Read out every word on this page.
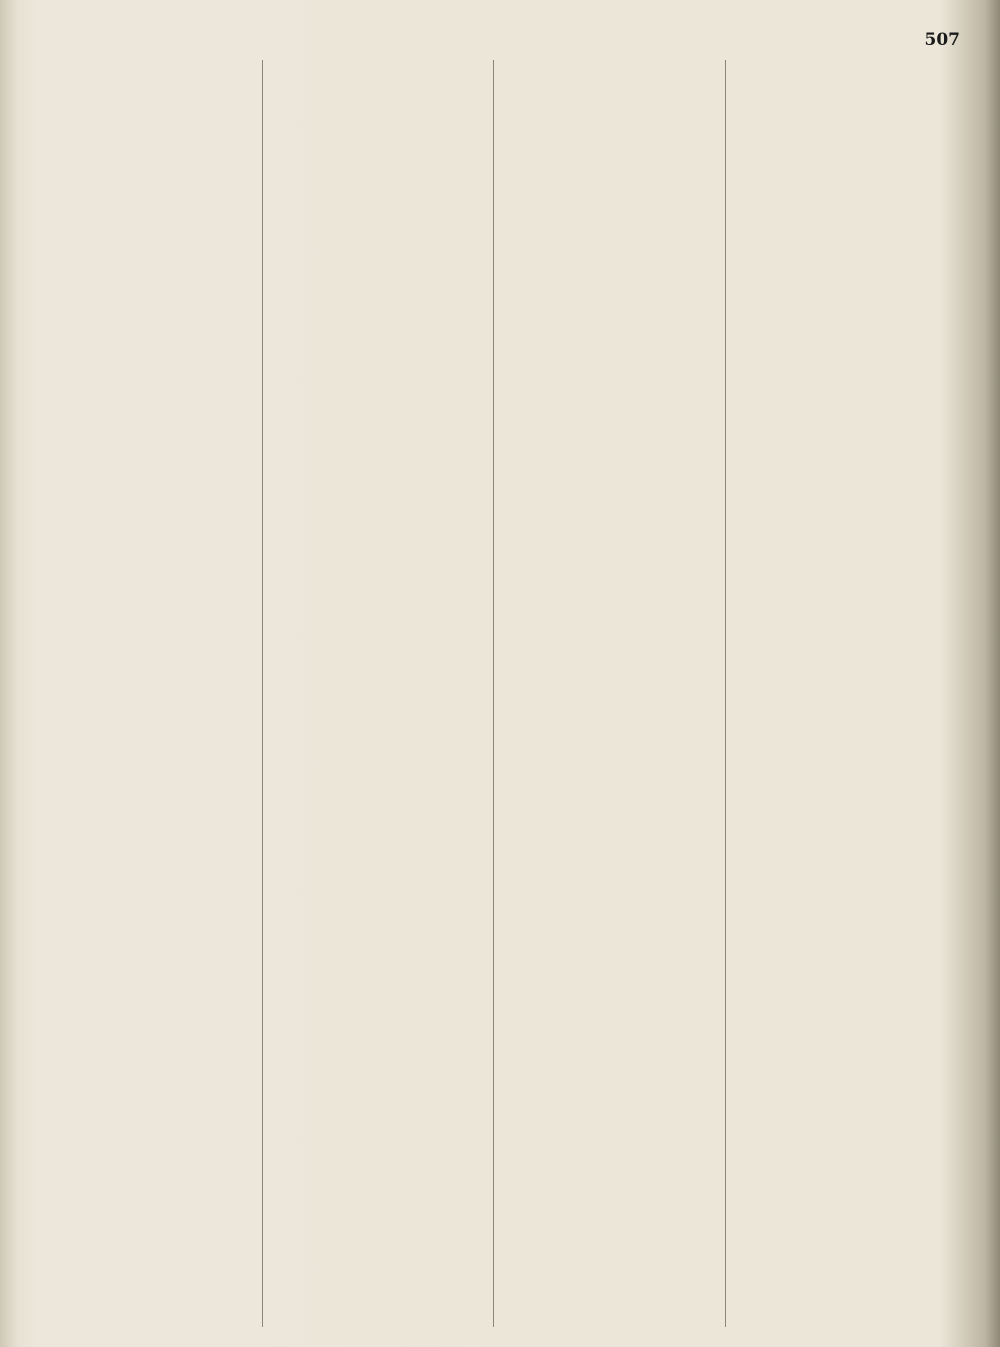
507
